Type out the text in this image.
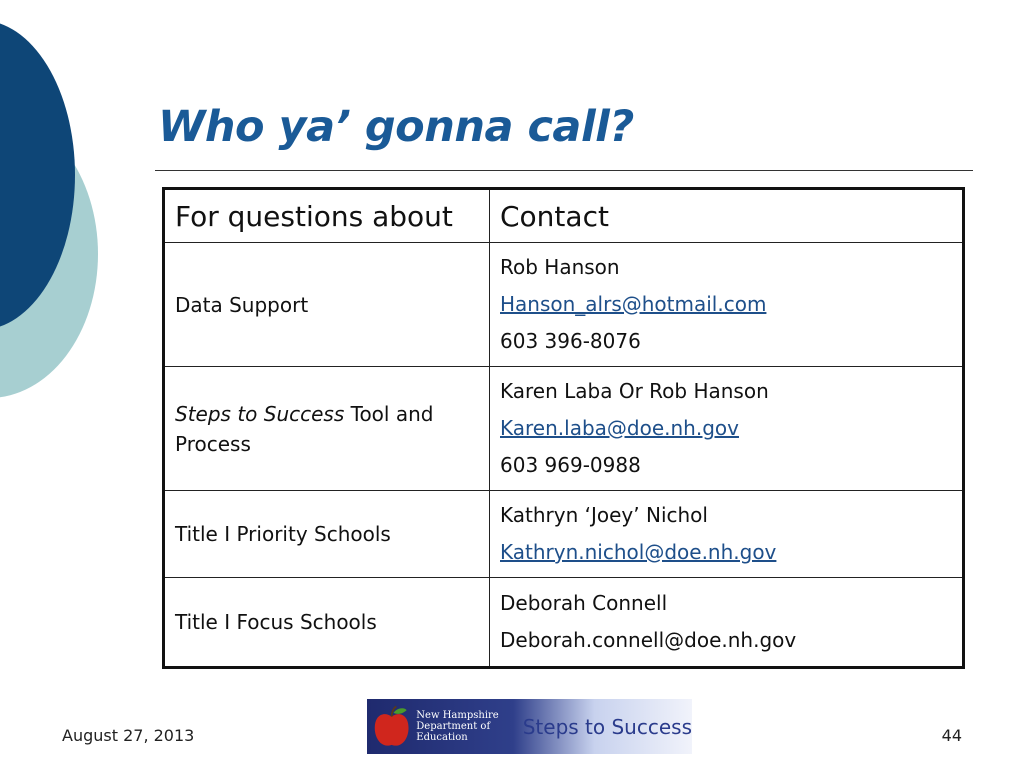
Who ya’ gonna call?
For questions about	Contact
Data Support	Rob Hanson
Hanson_alrs@hotmail.com
603 396-8076

Steps to Success Tool and Process	Karen Laba Or Rob Hanson
Karen.laba@doe.nh.gov
603 969-0988

Title I Priority Schools	Kathryn ‘Joey’ Nichol
Kathryn.nichol@doe.nh.gov

Title I Focus Schools	Deborah Connell
Deborah.connell@doe.nh.gov
August 27, 2013
New Hampshire
Department of
Education	Steps to Success	44
